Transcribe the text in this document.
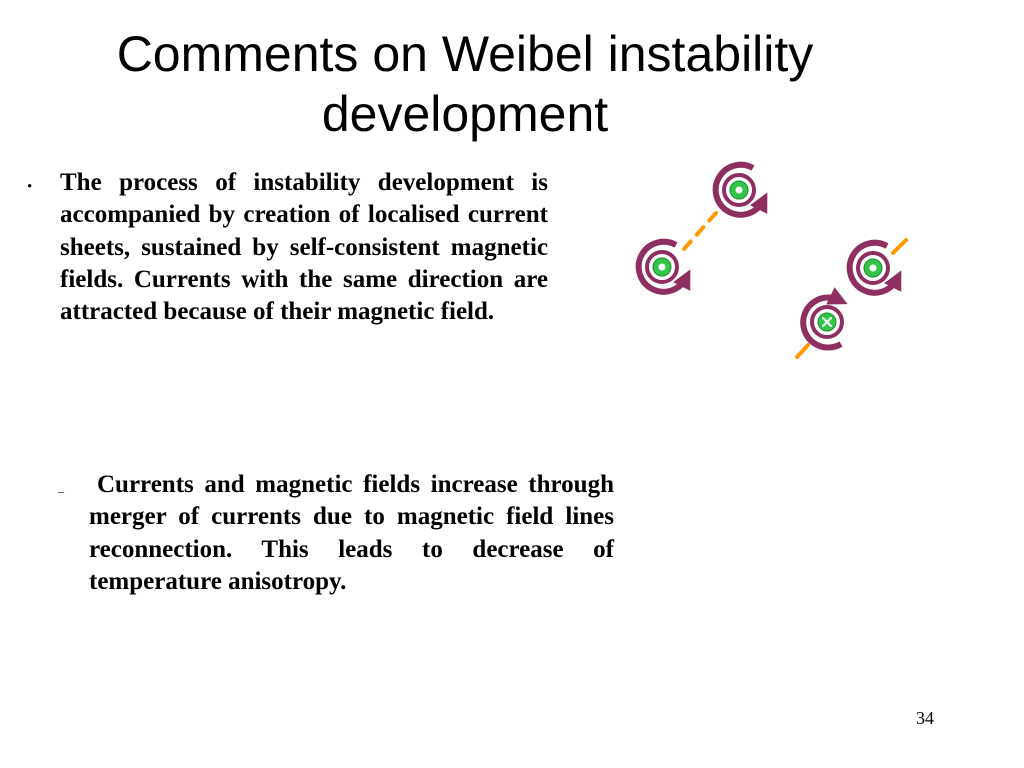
Comments on Weibel instability development
• The process of instability development is accompanied by creation of localised current sheets, sustained by self-consistent magnetic fields. Currents with the same direction are attracted because of their magnetic field.

–	Currents and magnetic fields increase through merger of currents due to magnetic field lines reconnection. This leads to decrease of temperature anisotropy.

34
